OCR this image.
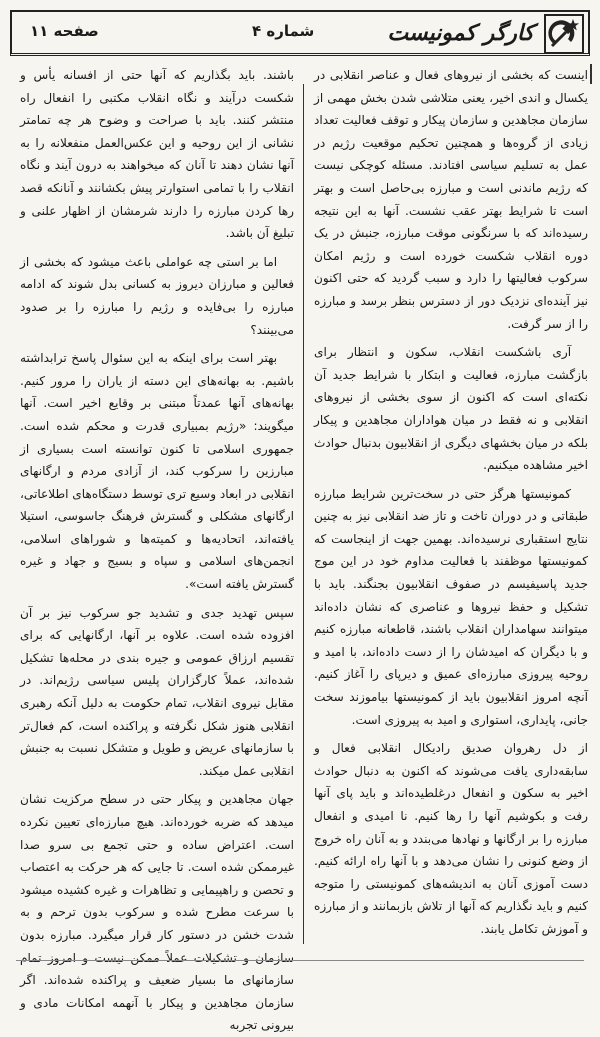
کارگر کمونیست
شماره ۴
صفحه ۱۱

اینست که بخشی از نیروهای فعال و عناصر انقلابی در یکسال و اندی اخیر، یعنی متلاشی شدن بخش مهمی از سازمان مجاهدین و سازمان پیکار و توقف فعالیت تعداد زیادی از گروه‌ها و همچنین تحکیم موقعیت رژیم در عمل به تسلیم سیاسی افتادند. مسئله کوچکی نیست که رژیم ماندنی است و مبارزه بی‌حاصل است و بهتر است تا شرایط بهتر عقب نشست. آنها به این نتیجه رسیده‌اند که با سرنگونی موقت مبارزه، جنبش در یک دوره انقلاب شکست خورده است و رژیم امکان سرکوب فعالیتها را دارد و سبب گردید که حتی اکنون نیز آینده‌ای نزدیک دور از دسترس بنظر برسد و مبارزه را از سر گرفت.

آری باشکست انقلاب، سکون و انتظار برای بازگشت مبارزه، فعالیت و ابتکار با شرایط جدید آن نکته‌ای است که اکنون از سوی بخشی از نیروهای انقلابی و نه فقط در میان هواداران مجاهدین و پیکار بلکه در میان بخشهای دیگری از انقلابیون بدنبال حوادث اخیر مشاهده میکنیم.

کمونیستها هرگز حتی در سخت‌ترین شرایط مبارزه طبقاتی و در دوران تاخت و تاز ضد انقلابی نیز به چنین نتایج استقباری نرسیده‌اند. بهمین جهت از اینجاست که کمونیستها موظفند با فعالیت مداوم خود در این موج جدید پاسیفیسم در صفوف انقلابیون بجنگند. باید با تشکیل و حفظ نیروها و عناصری که نشان داده‌اند میتوانند سهامداران انقلاب باشند، قاطعانه مبارزه کنیم و با دیگران که امیدشان را از دست داده‌اند، با امید و روحیه پیروزی مبارزه‌ای عمیق و دیرپای را آغاز کنیم. آنچه امروز انقلابیون باید از کمونیستها بیاموزند سخت جانی، پایداری، استواری و امید به پیروزی است.

از دل رهروان صدیق رادیکال انقلابی فعال و سابقه‌داری یافت می‌شوند که اکنون به دنبال حوادث اخیر به سکون و انفعال درغلطیده‌اند و باید پای آنها رفت و بکوشیم آنها را رها کنیم. نا امیدی و انفعال مبارزه را بر ارگانها و نهادها می‌بندد و به آنان راه خروج از وضع کنونی را نشان می‌دهد و با آنها راه ارائه کنیم. دست آموزی آنان به اندیشه‌های کمونیستی را متوجه کنیم و باید نگذاریم که آنها از تلاش بازبمانند و از مبارزه و آموزش تکامل یابند.

باشند. باید بگذاریم که آنها حتی از افسانه یأس و شکست درآیند و نگاه انقلاب مکتبی را انفعال راه منتشر کنند. باید با صراحت و وضوح هر چه تمامتر نشانی از این روحیه و این عکس‌العمل منفعلانه را به آنها نشان دهند تا آنان که میخواهند به درون آیند و نگاه انقلاب را با تمامی استوارتر پیش بکشانند و آنانکه قصد رها کردن مبارزه را دارند شرمشان از اظهار علنی و تبلیغ آن باشد.

اما بر استی چه عواملی باعث میشود که بخشی از فعالین و مبارزان دیروز به کسانی بدل شوند که ادامه مبارزه را بی‌فایده و رژیم را مبارزه را بر صدود می‌بینند؟

بهتر است برای اینکه به این سئوال پاسخ ترابداشته باشیم. به بهانه‌های این دسته از یاران را مرور کنیم. بهانه‌های آنها عمدتاً مبتنی بر وقایع اخیر است. آنها میگویند: «رژیم بمبیاری قدرت و محکم شده است. جمهوری اسلامی تا کنون توانسته است بسیاری از مبارزین را سرکوب کند، از آزادی مردم و ارگانهای انقلابی در ابعاد وسیع تری توسط دستگاه‌های اطلاعاتی، ارگانهای مشکلی و گسترش فرهنگ جاسوسی، استیلا یافته‌اند، اتحادیه‌ها و کمیته‌ها و شوراهای اسلامی، انجمن‌های اسلامی و سپاه و بسیج و جهاد و غیره گسترش یافته است».

سپس تهدید جدی و تشدید جو سرکوب نیز بر آن افزوده شده است. علاوه بر آنها، ارگانهایی که برای تقسیم ارزاق عمومی و جیره بندی در محله‌ها تشکیل شده‌اند، عملاً کارگزاران پلیس سیاسی رژیم‌اند. در مقابل نیروی انقلاب، تمام حکومت به دلیل آنکه رهبری انقلابی هنوز شکل نگرفته و پراکنده است، کم فعال‌تر با سازمانهای عریض و طویل و متشکل نسبت به جنبش انقلابی عمل میکند.

جهان مجاهدین و پیکار حتی در سطح مرکزیت نشان میدهد که ضربه خورده‌اند. هیچ مبارزه‌ای تعیین نکرده است. اعتراض ساده و حتی تجمع بی سرو صدا غیرممکن شده است. تا جایی که هر حرکت به اعتصاب و تحصن و راهپیمایی و تظاهرات و غیره کشیده میشود با سرعت مطرح شده و سرکوب بدون ترحم و به شدت خشن در دستور کار قرار میگیرد. مبارزه بدون سازمان و تشکیلات عملاً ممکن نیست و امروز تمام سازمانهای ما بسیار ضعیف و پراکنده شده‌اند. اگر سازمان مجاهدین و پیکار با آنهمه امکانات مادی و بیرونی تجربه
